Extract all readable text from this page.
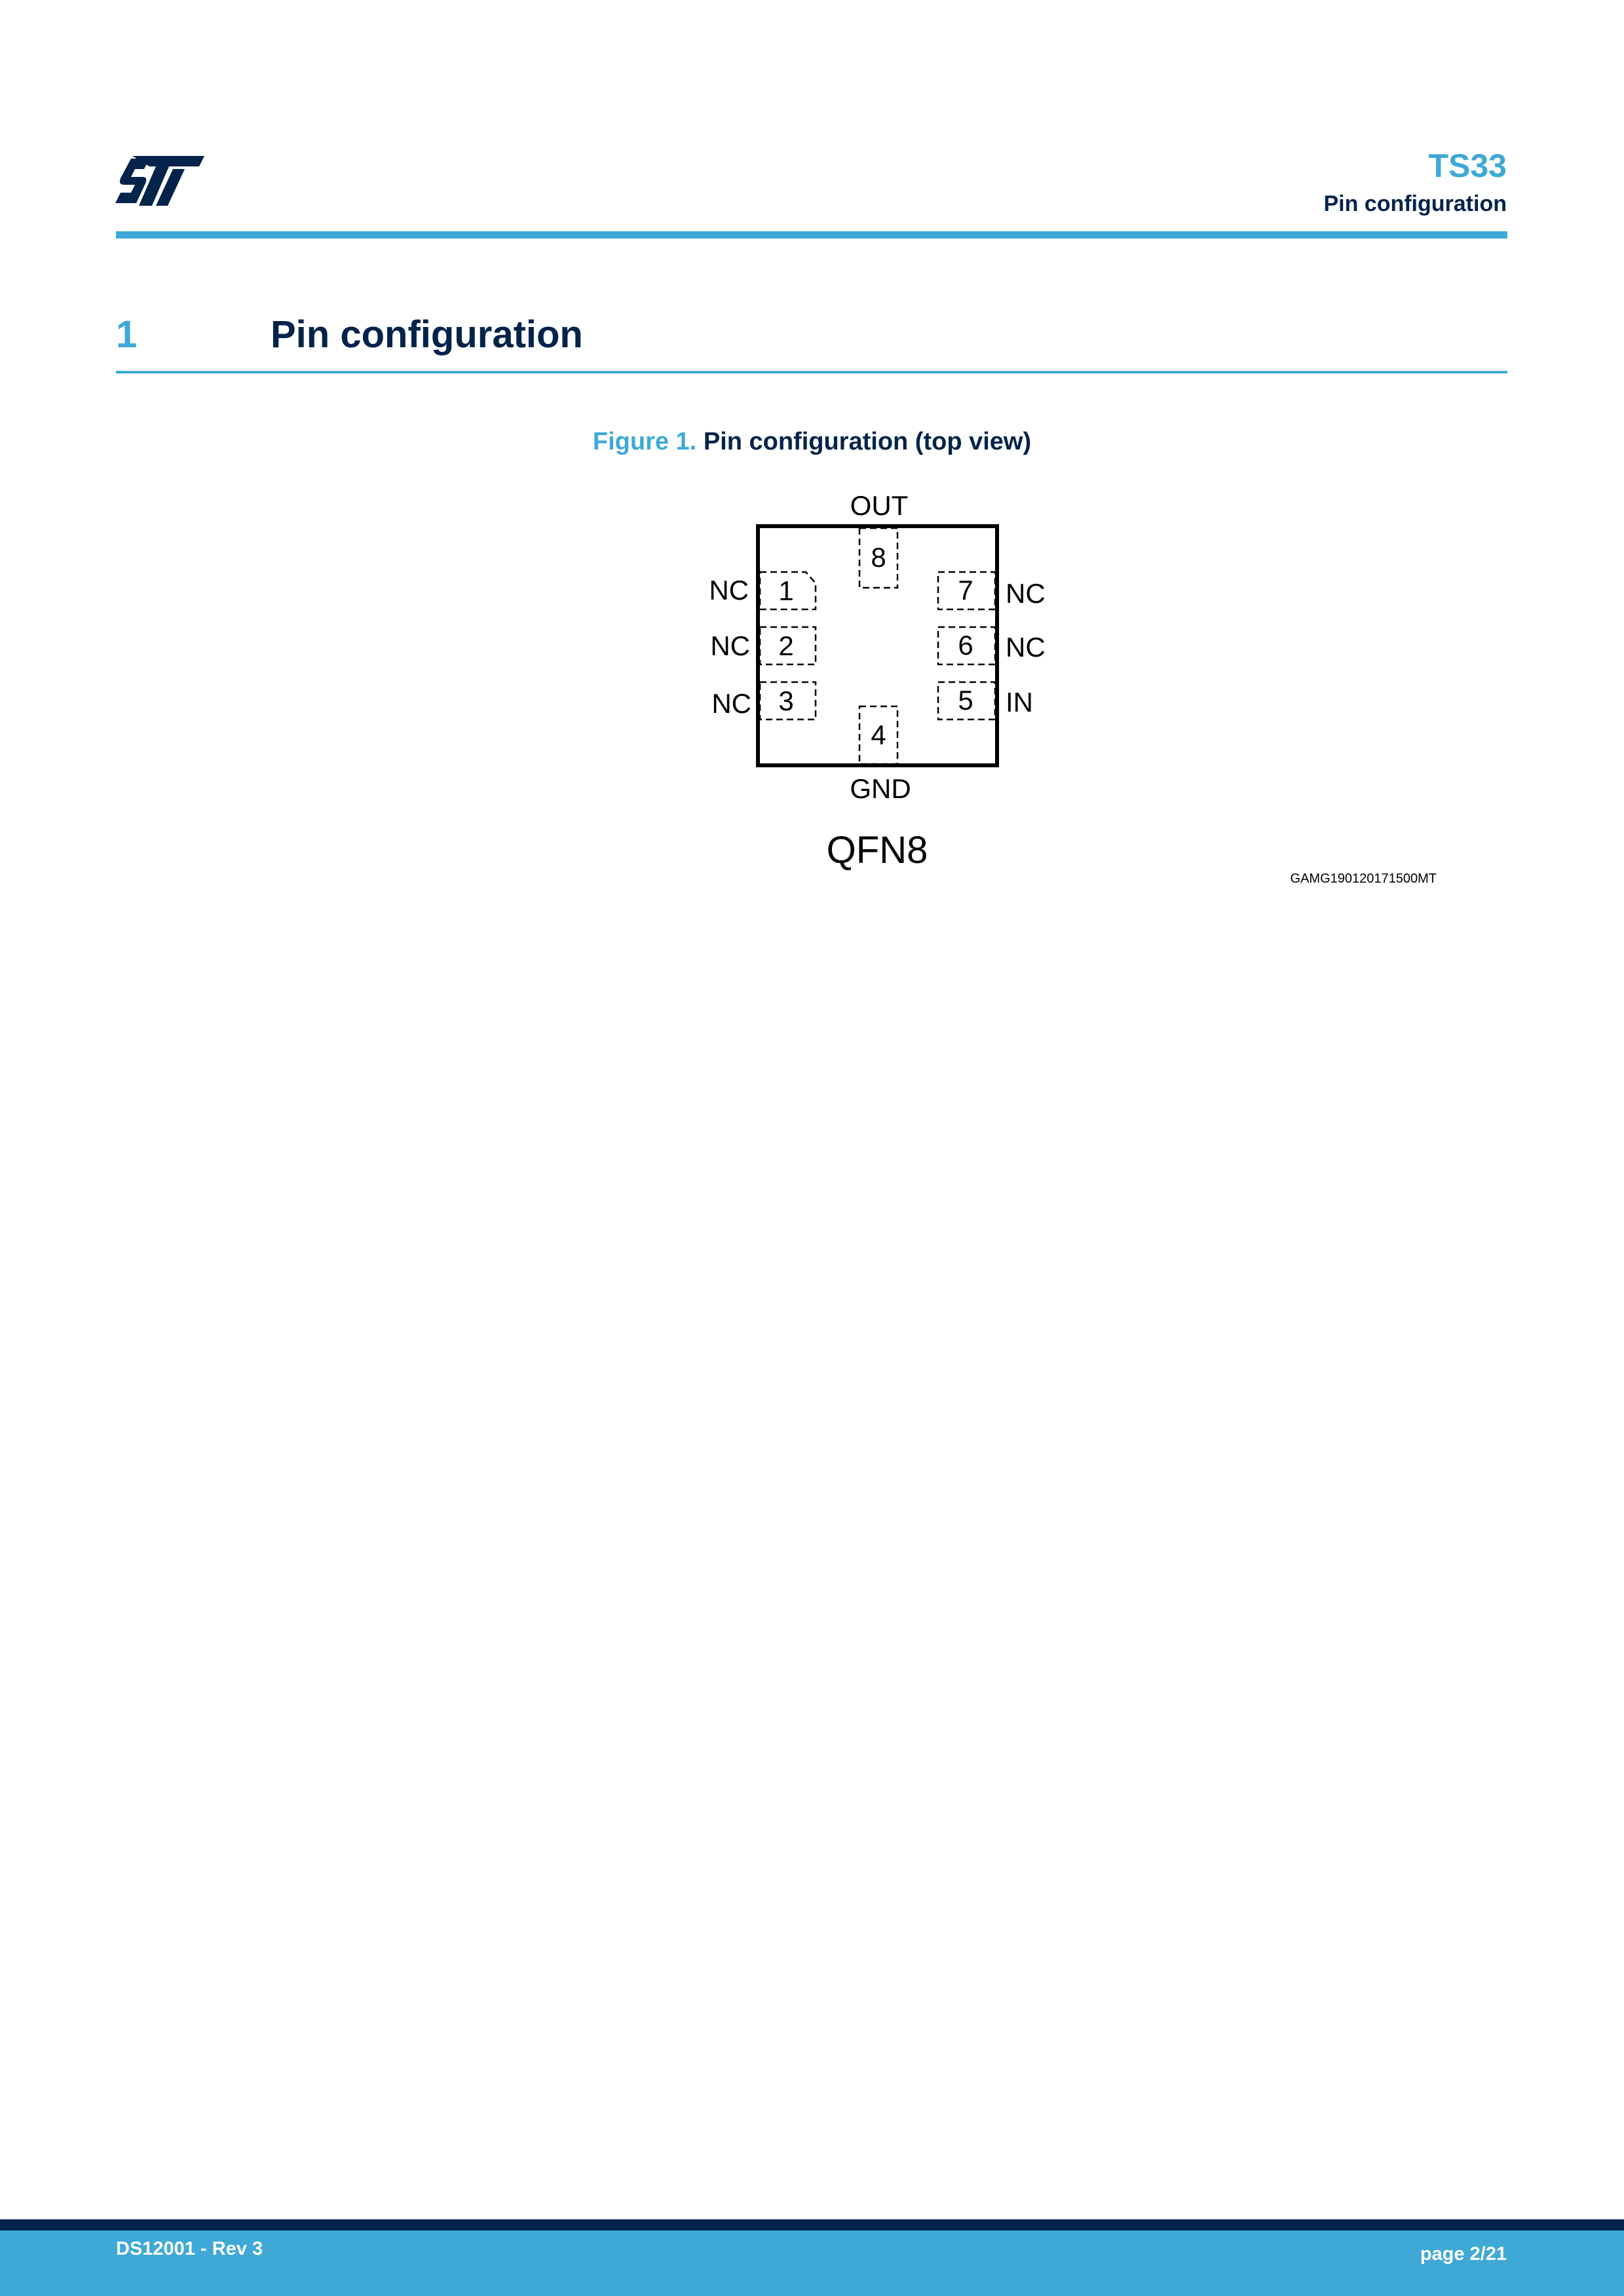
TS33
Pin configuration
1	Pin configuration
Figure 1. Pin configuration (top view)
1
2
3
4
5
6
7
8
NC
NC
NC
GND
IN
NC
NC
OUT
QFN8
GAMG190120171500MT
DS12001 - Rev 3	page 2/21
